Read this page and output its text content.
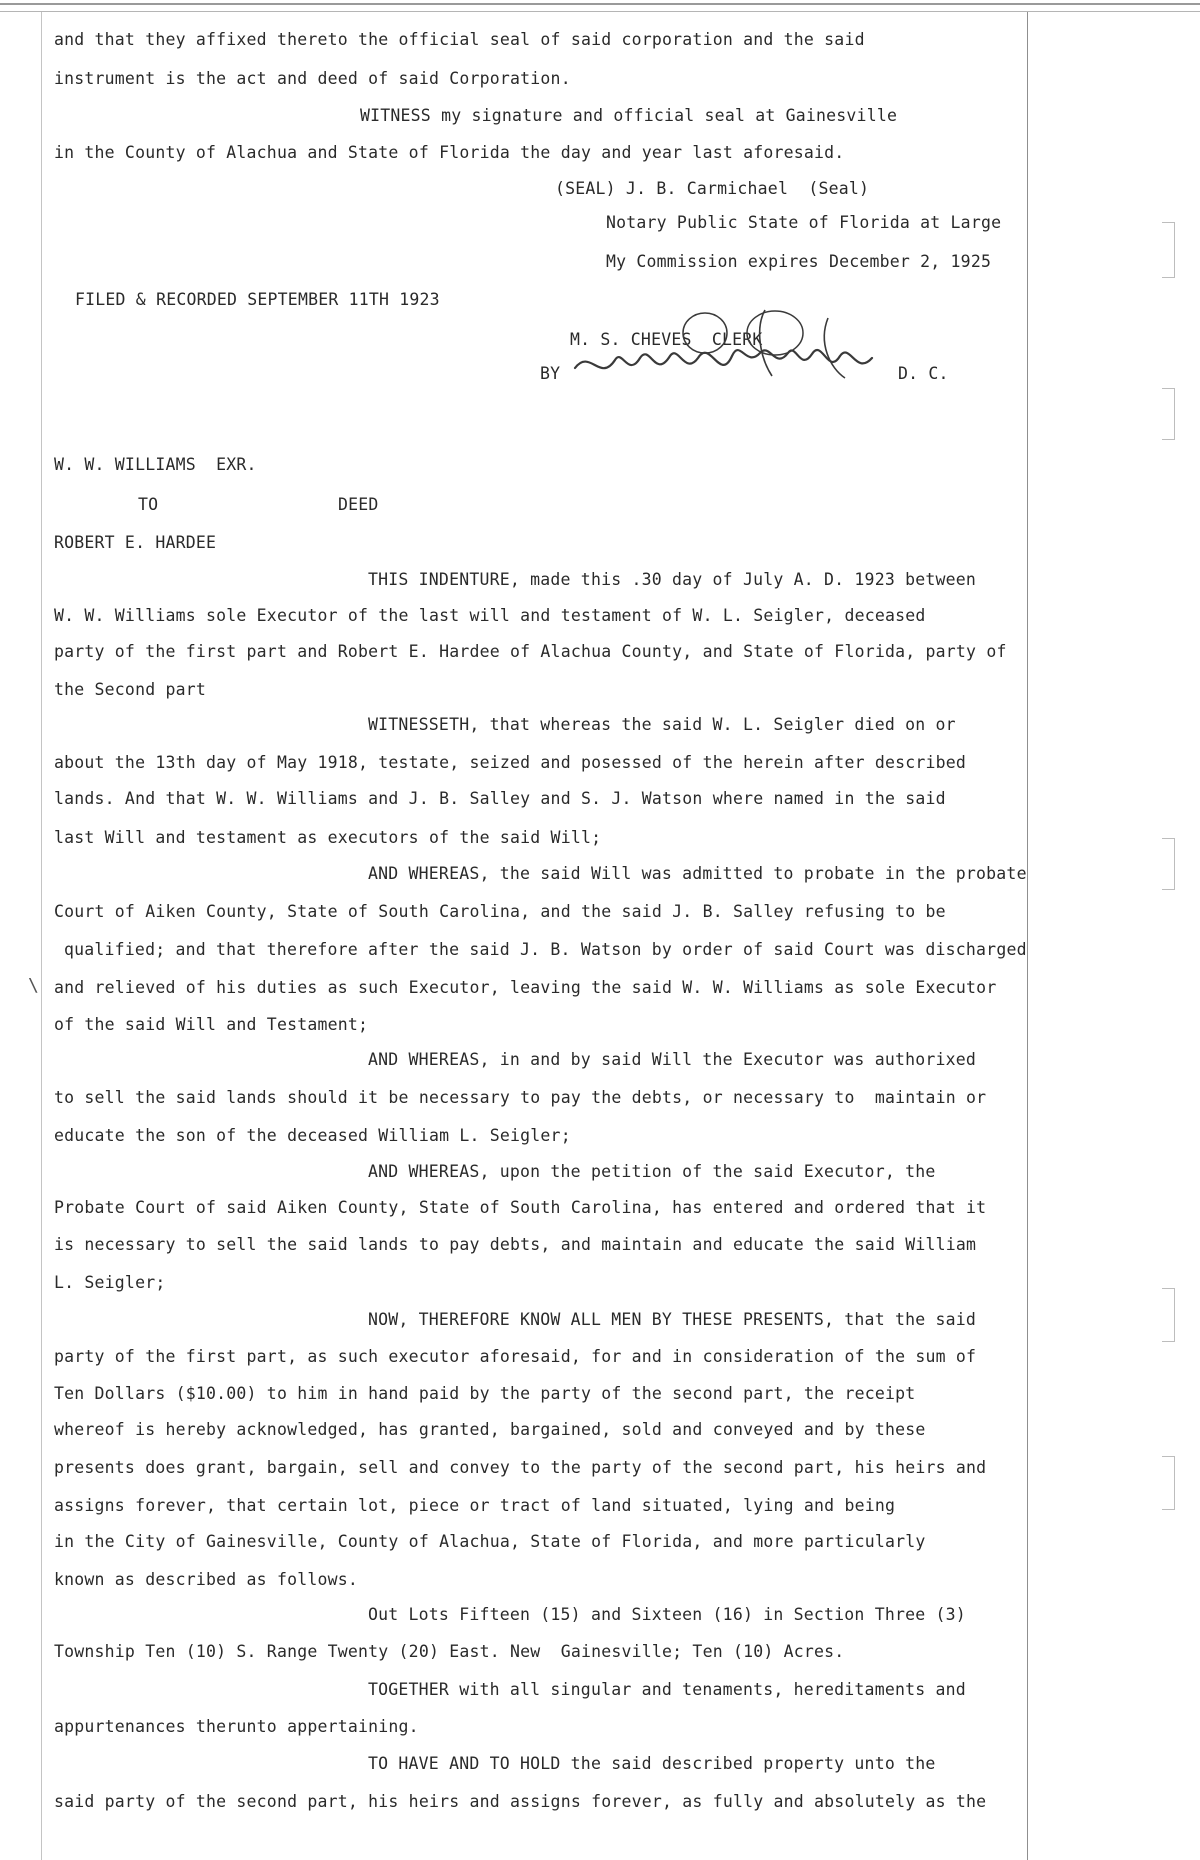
and that they affixed thereto the official seal of said corporation and the said
instrument is the act and deed of said Corporation.
WITNESS my signature and official seal at Gainesville
in the County of Alachua and State of Florida the day and year last aforesaid.
(SEAL) J. B. Carmichael  (Seal)
Notary Public State of Florida at Large
My Commission expires December 2, 1925
FILED & RECORDED SEPTEMBER 11TH 1923
M. S. CHEVES  CLERK
BY	D. C.
W. W. WILLIAMS  EXR.
TO	DEED
ROBERT E. HARDEE
THIS INDENTURE, made this .30 day of July A. D. 1923 between
W. W. Williams sole Executor of the last will and testament of W. L. Seigler, deceased
party of the first part and Robert E. Hardee of Alachua County, and State of Florida, party of
the Second part
WITNESSETH, that whereas the said W. L. Seigler died on or
about the 13th day of May 1918, testate, seized and posessed of the herein after described
lands. And that W. W. Williams and J. B. Salley and S. J. Watson where named in the said
last Will and testament as executors of the said Will;
AND WHEREAS, the said Will was admitted to probate in the probate
Court of Aiken County, State of South Carolina, and the said J. B. Salley refusing to be
qualified; and that therefore after the said J. B. Watson by order of said Court was discharged
\ and relieved of his duties as such Executor, leaving the said W. W. Williams as sole Executor
of the said Will and Testament;
AND WHEREAS, in and by said Will the Executor was authorixed
to sell the said lands should it be necessary to pay the debts, or necessary to  maintain or
educate the son of the deceased William L. Seigler;
AND WHEREAS, upon the petition of the said Executor, the
Probate Court of said Aiken County, State of South Carolina, has entered and ordered that it
is necessary to sell the said lands to pay debts, and maintain and educate the said William
L. Seigler;
NOW, THEREFORE KNOW ALL MEN BY THESE PRESENTS, that the said
party of the first part, as such executor aforesaid, for and in consideration of the sum of
Ten Dollars ($10.00) to him in hand paid by the party of the second part, the receipt
whereof is hereby acknowledged, has granted, bargained, sold and conveyed and by these
presents does grant, bargain, sell and convey to the party of the second part, his heirs and
assigns forever, that certain lot, piece or tract of land situated, lying and being
in the City of Gainesville, County of Alachua, State of Florida, and more particularly
known as described as follows.
Out Lots Fifteen (15) and Sixteen (16) in Section Three (3)
Township Ten (10) S. Range Twenty (20) East. New  Gainesville; Ten (10) Acres.
TOGETHER with all singular and tenaments, hereditaments and
appurtenances therunto appertaining.
TO HAVE AND TO HOLD the said described property unto the
said party of the second part, his heirs and assigns forever, as fully and absolutely as the
